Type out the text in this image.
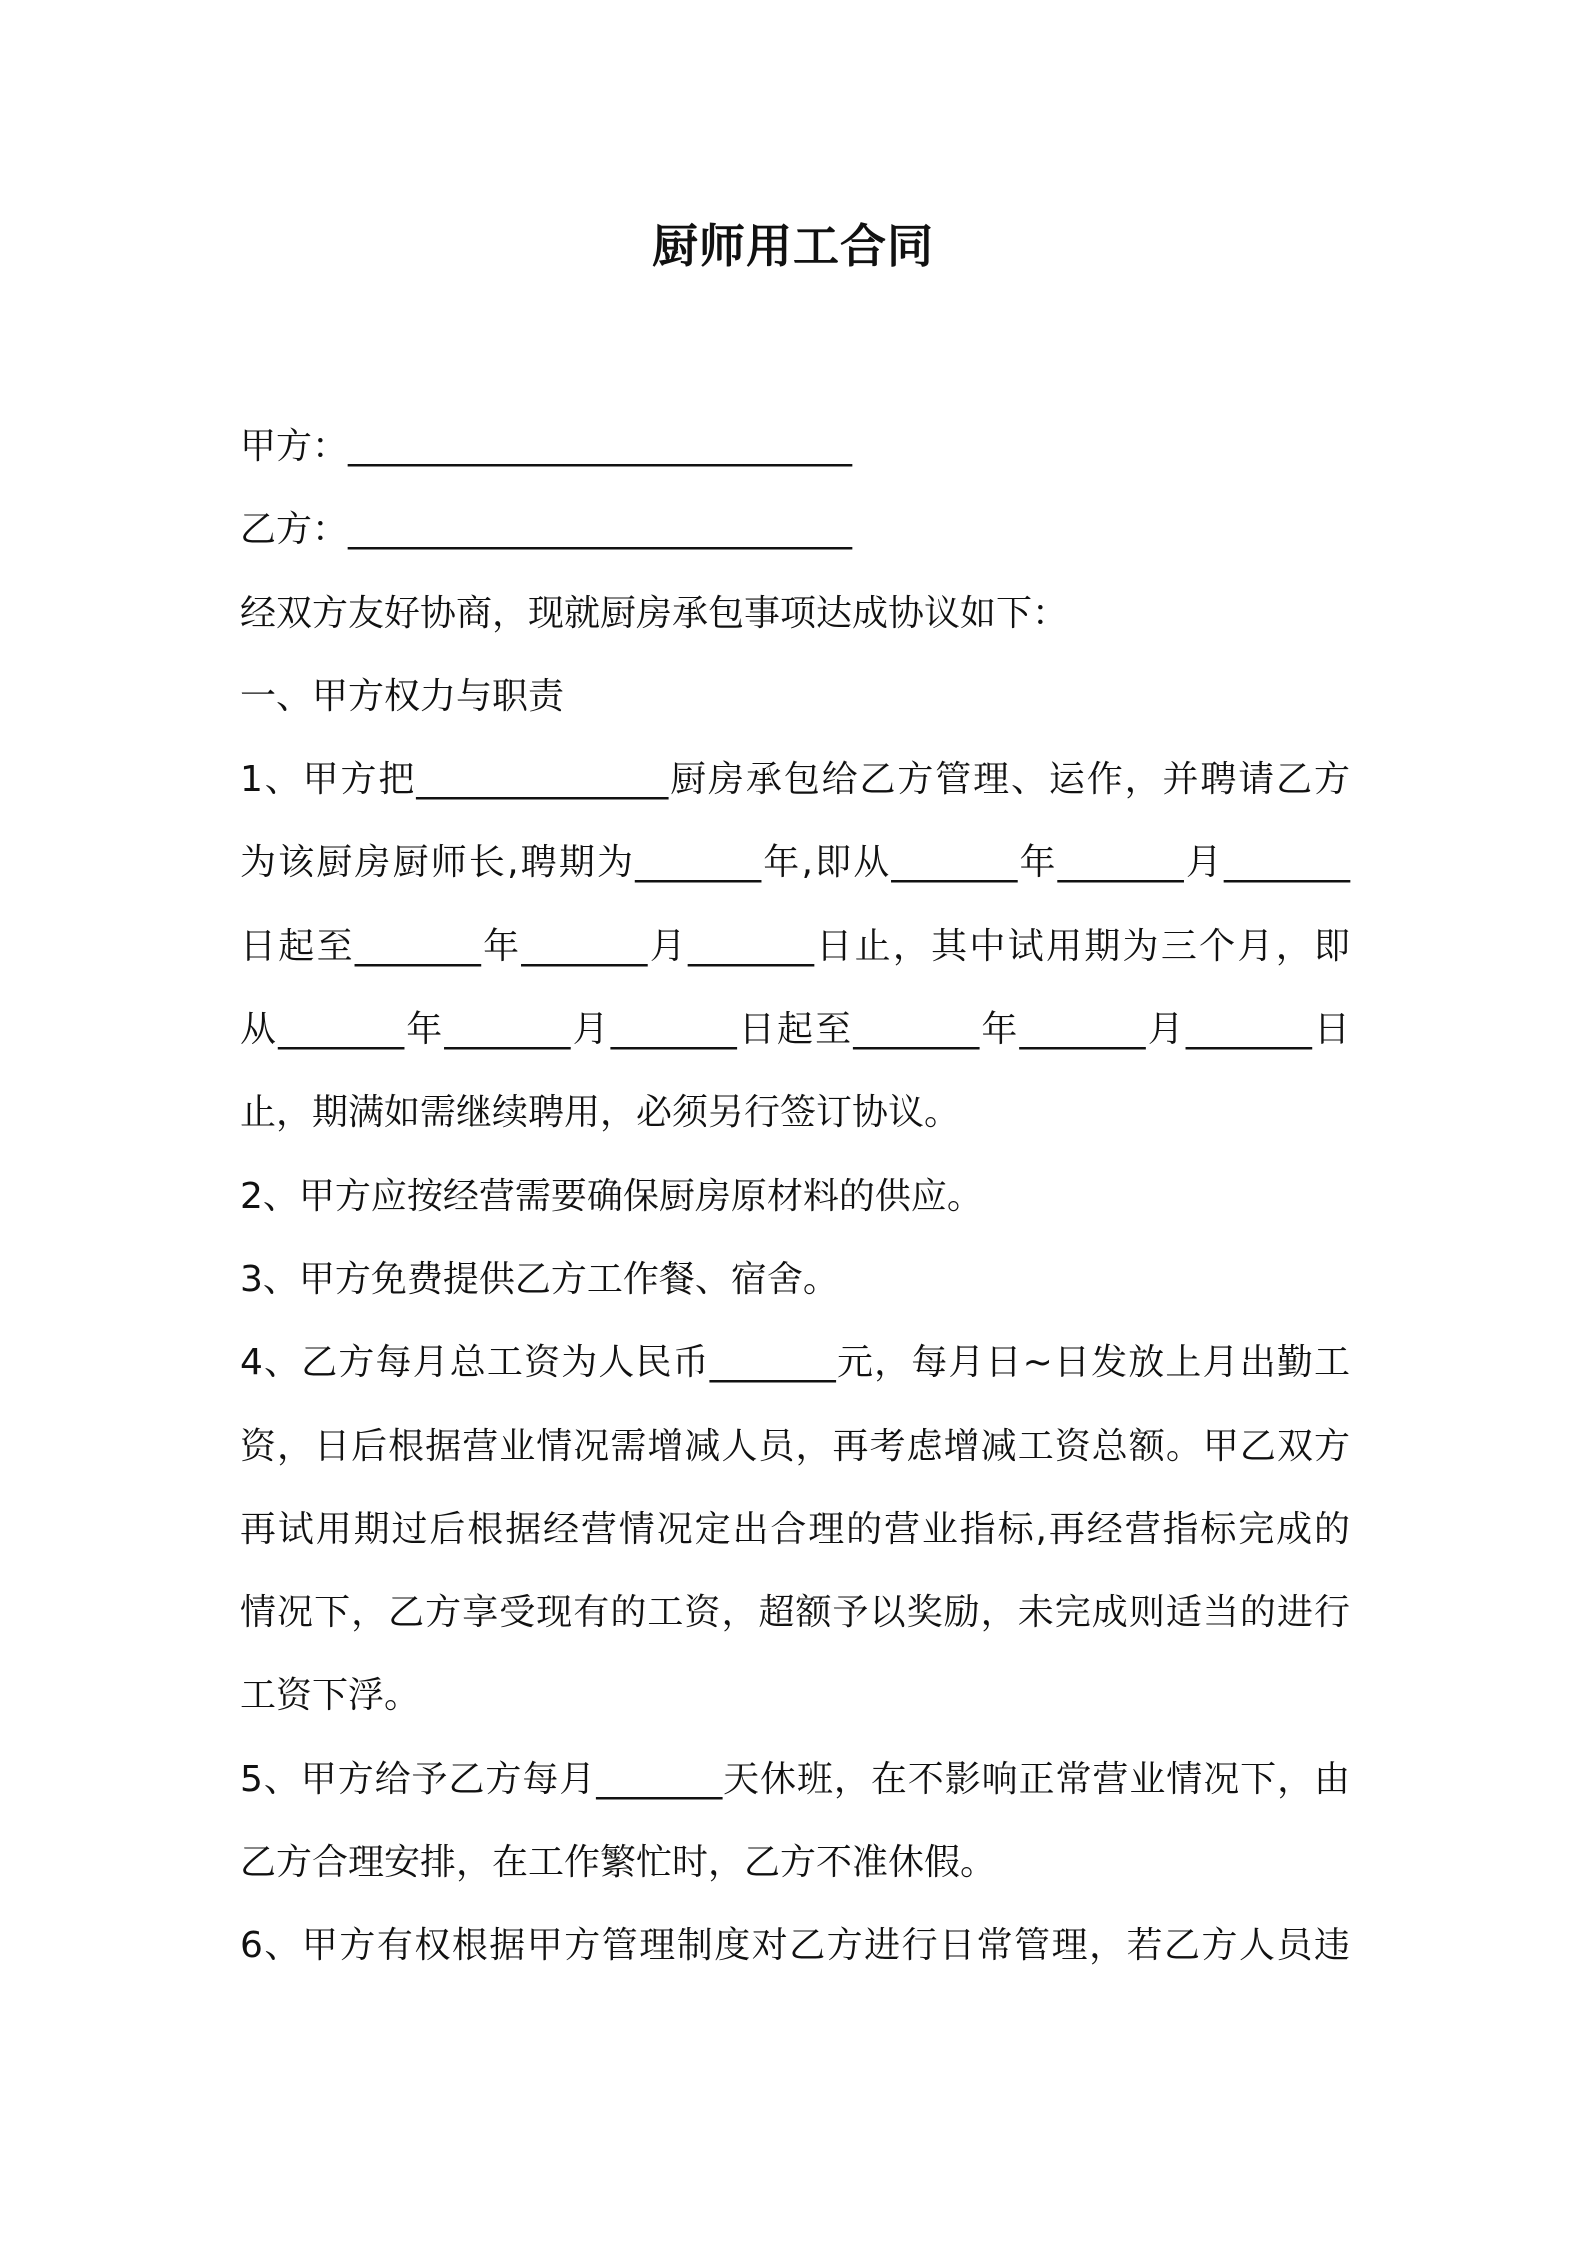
厨师用工合同
甲方：____________________________
乙方：____________________________
经双方友好协商，现就厨房承包事项达成协议如下：
一、甲方权力与职责
1、甲方把______________厨房承包给乙方管理、运作，并聘请乙方
为该厨房厨师长,聘期为_______年,即从_______年_______月_______
日起至_______年_______月_______日止，其中试用期为三个月，即
从_______年_______月_______日起至_______年_______月_______日
止，期满如需继续聘用，必须另行签订协议。
2、甲方应按经营需要确保厨房原材料的供应。
3、甲方免费提供乙方工作餐、宿舍。
4、乙方每月总工资为人民币_______元，每月日~日发放上月出勤工
资，日后根据营业情况需增减人员，再考虑增减工资总额。甲乙双方
再试用期过后根据经营情况定出合理的营业指标,再经营指标完成的
情况下，乙方享受现有的工资，超额予以奖励，未完成则适当的进行
工资下浮。
5、甲方给予乙方每月_______天休班，在不影响正常营业情况下，由
乙方合理安排，在工作繁忙时，乙方不准休假。
6、甲方有权根据甲方管理制度对乙方进行日常管理，若乙方人员违
